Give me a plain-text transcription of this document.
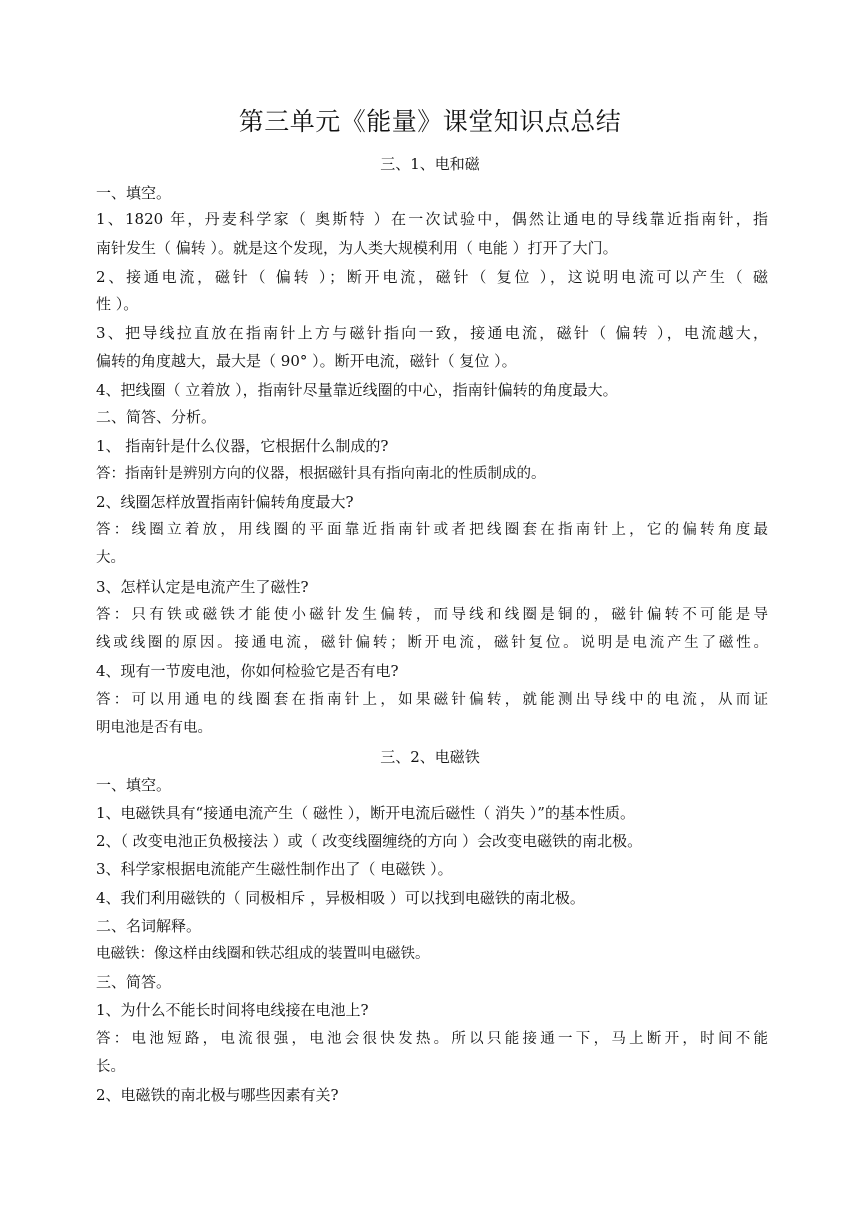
第三单元《能量》课堂知识点总结
三、1、电和磁
一、填空。
1、1820 年，丹麦科学家（ 奥斯特 ）在一次试验中，偶然让通电的导线靠近指南针，指
南针发生（ 偏转 ）。就是这个发现，为人类大规模利用（ 电能 ）打开了大门。
2、接通电流，磁针（ 偏转 ）；断开电流，磁针（ 复位 ），这说明电流可以产生（ 磁
性 ）。
3、把导线拉直放在指南针上方与磁针指向一致，接通电流，磁针（ 偏转 ），电流越大，
偏转的角度越大，最大是（ 90° ）。断开电流，磁针（ 复位 ）。
4、把线圈（ 立着放 ），指南针尽量靠近线圈的中心，指南针偏转的角度最大。
二、简答、分析。
1、 指南针是什么仪器，它根据什么制成的?
答：指南针是辨别方向的仪器，根据磁针具有指向南北的性质制成的。
2、线圈怎样放置指南针偏转角度最大?
答：线圈立着放，用线圈的平面靠近指南针或者把线圈套在指南针上，它的偏转角度最
大。
3、怎样认定是电流产生了磁性?
答：只有铁或磁铁才能使小磁针发生偏转，而导线和线圈是铜的，磁针偏转不可能是导
线或线圈的原因。接通电流，磁针偏转；断开电流，磁针复位。说明是电流产生了磁性。
4、现有一节废电池，你如何检验它是否有电?
答：可以用通电的线圈套在指南针上，如果磁针偏转，就能测出导线中的电流，从而证
明电池是否有电。
三、2、电磁铁
一、填空。
1、电磁铁具有“接通电流产生（ 磁性 ），断开电流后磁性（ 消失 ）”的基本性质。
2、（ 改变电池正负极接法 ）或（ 改变线圈缠绕的方向 ）会改变电磁铁的南北极。
3、科学家根据电流能产生磁性制作出了（ 电磁铁 ）。
4、我们利用磁铁的（ 同极相斥 ，异极相吸 ）可以找到电磁铁的南北极。
二、名词解释。
电磁铁：像这样由线圈和铁芯组成的装置叫电磁铁。
三、简答。
1、为什么不能长时间将电线接在电池上?
答：电池短路，电流很强，电池会很快发热。所以只能接通一下，马上断开，时间不能
长。
2、电磁铁的南北极与哪些因素有关?
